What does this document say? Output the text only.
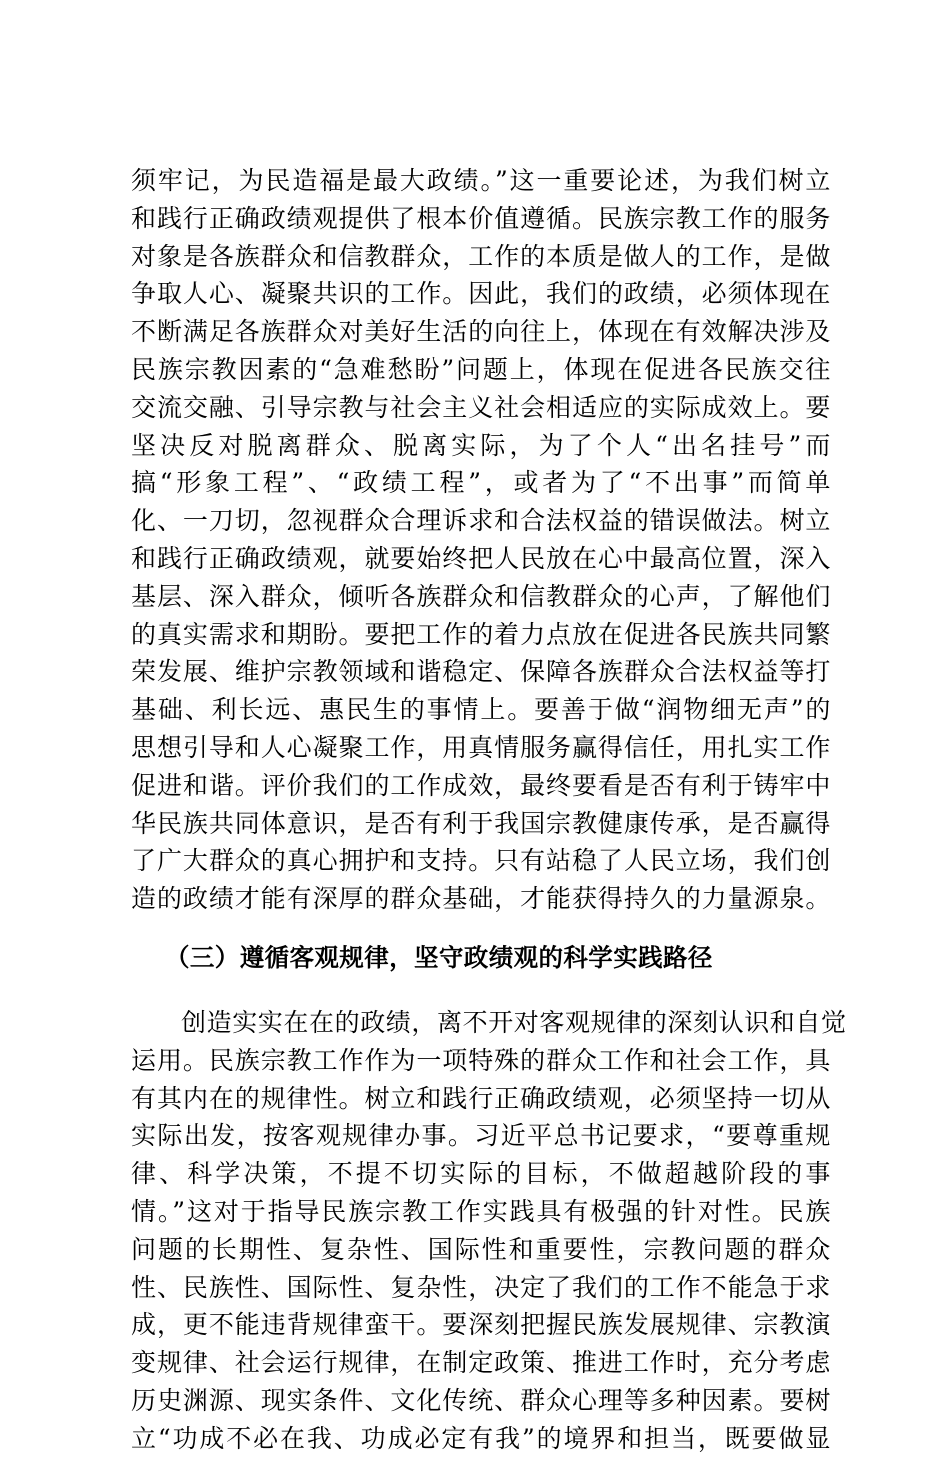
须牢记，为民造福是最大政绩。”这一重要论述，为我们树立
和践行正确政绩观提供了根本价值遵循。民族宗教工作的服务
对象是各族群众和信教群众，工作的本质是做人的工作，是做
争取人心、凝聚共识的工作。因此，我们的政绩，必须体现在
不断满足各族群众对美好生活的向往上，体现在有效解决涉及
民族宗教因素的“急难愁盼”问题上，体现在促进各民族交往
交流交融、引导宗教与社会主义社会相适应的实际成效上。要
坚决反对脱离群众、脱离实际，为了个人“出名挂号”而
搞“形象工程”、“政绩工程”，或者为了“不出事”而简单
化、一刀切，忽视群众合理诉求和合法权益的错误做法。树立
和践行正确政绩观，就要始终把人民放在心中最高位置，深入
基层、深入群众，倾听各族群众和信教群众的心声，了解他们
的真实需求和期盼。要把工作的着力点放在促进各民族共同繁
荣发展、维护宗教领域和谐稳定、保障各族群众合法权益等打
基础、利长远、惠民生的事情上。要善于做“润物细无声”的
思想引导和人心凝聚工作，用真情服务赢得信任，用扎实工作
促进和谐。评价我们的工作成效，最终要看是否有利于铸牢中
华民族共同体意识，是否有利于我国宗教健康传承，是否赢得
了广大群众的真心拥护和支持。只有站稳了人民立场，我们创
造的政绩才能有深厚的群众基础，才能获得持久的力量源泉。
（三）遵循客观规律，坚守政绩观的科学实践路径
创造实实在在的政绩，离不开对客观规律的深刻认识和自觉
运用。民族宗教工作作为一项特殊的群众工作和社会工作，具
有其内在的规律性。树立和践行正确政绩观，必须坚持一切从
实际出发，按客观规律办事。习近平总书记要求，“要尊重规
律、科学决策，不提不切实际的目标，不做超越阶段的事
情。”这对于指导民族宗教工作实践具有极强的针对性。民族
问题的长期性、复杂性、国际性和重要性，宗教问题的群众
性、民族性、国际性、复杂性，决定了我们的工作不能急于求
成，更不能违背规律蛮干。要深刻把握民族发展规律、宗教演
变规律、社会运行规律，在制定政策、推进工作时，充分考虑
历史渊源、现实条件、文化传统、群众心理等多种因素。要树
立“功成不必在我、功成必定有我”的境界和担当，既要做显
